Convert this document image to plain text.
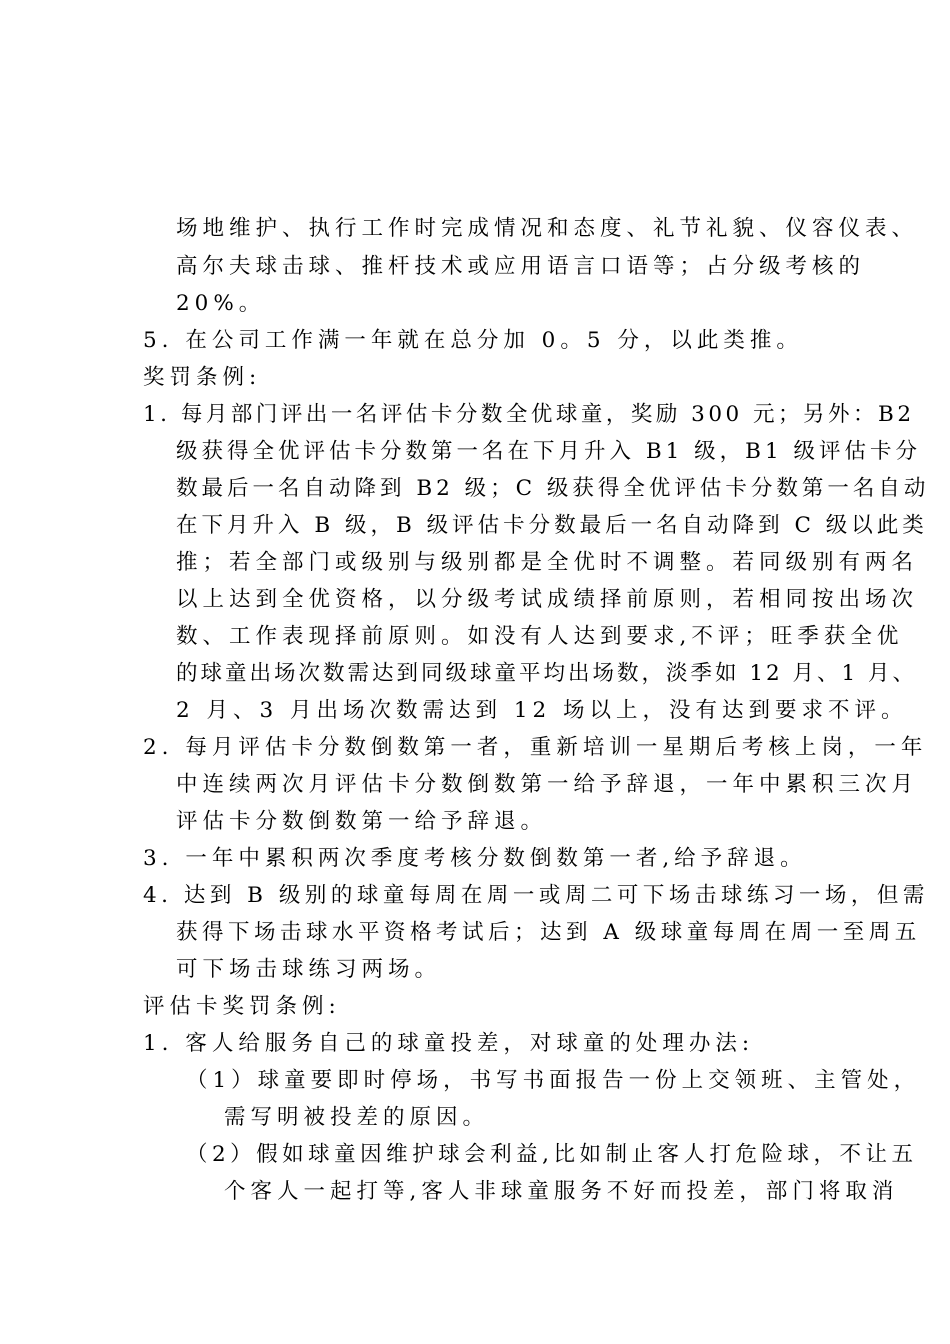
场地维护、执行工作时完成情况和态度、礼节礼貌、仪容仪表、
高尔夫球击球、推杆技术或应用语言口语等；占分级考核的
20%。
5. 在公司工作满一年就在总分加 0。5 分，以此类推。
奖罚条例:
1. 每月部门评出一名评估卡分数全优球童，奖励 300 元；另外：B2
级获得全优评估卡分数第一名在下月升入 B1 级，B1 级评估卡分
数最后一名自动降到 B2 级；C 级获得全优评估卡分数第一名自动
在下月升入 B 级，B 级评估卡分数最后一名自动降到 C 级以此类
推；若全部门或级别与级别都是全优时不调整。若同级别有两名
以上达到全优资格，以分级考试成绩择前原则，若相同按出场次
数、工作表现择前原则。如没有人达到要求,不评；旺季获全优
的球童出场次数需达到同级球童平均出场数，淡季如 12 月、1 月、
2 月、3 月出场次数需达到 12 场以上，没有达到要求不评。
2. 每月评估卡分数倒数第一者，重新培训一星期后考核上岗，一年
中连续两次月评估卡分数倒数第一给予辞退，一年中累积三次月
评估卡分数倒数第一给予辞退。
3. 一年中累积两次季度考核分数倒数第一者,给予辞退。
4. 达到 B 级别的球童每周在周一或周二可下场击球练习一场，但需
获得下场击球水平资格考试后；达到 A 级球童每周在周一至周五
可下场击球练习两场。
评估卡奖罚条例:
1. 客人给服务自己的球童投差，对球童的处理办法:
（1）球童要即时停场，书写书面报告一份上交领班、主管处，
需写明被投差的原因。
（2）假如球童因维护球会利益,比如制止客人打危险球，不让五
个客人一起打等,客人非球童服务不好而投差，部门将取消
